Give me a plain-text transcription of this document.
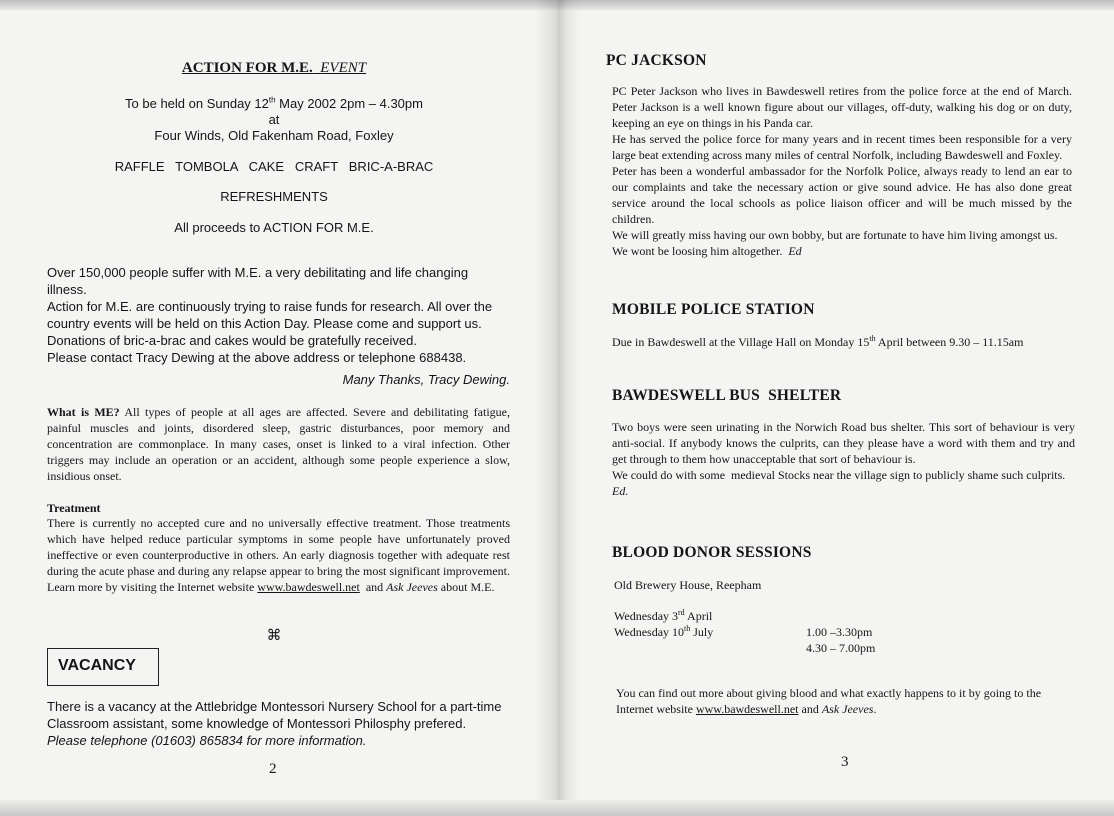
ACTION FOR M.E. EVENT
To be held on Sunday 12th May 2002 2pm – 4.30pm
at
Four Winds, Old Fakenham Road, Foxley
RAFFLE   TOMBOLA   CAKE   CRAFT   BRIC-A-BRAC
REFRESHMENTS
All proceeds to ACTION FOR M.E.

Over 150,000 people suffer with M.E. a very debilitating and life changing illness.

Action for M.E. are continuously trying to raise funds for research. All over the country events will be held on this Action Day. Please come and support us. Donations of bric-a-brac and cakes would be gratefully received.

Please contact Tracy Dewing at the above address or telephone 688438.

Many Thanks, Tracy Dewing.
What is ME? All types of people at all ages are affected. Severe and debilitating fatigue, painful muscles and joints, disordered sleep, gastric disturbances, poor memory and concentration are commonplace. In many cases, onset is linked to a viral infection. Other triggers may include an operation or an accident, although some people experience a slow, insidious onset.
Treatment
There is currently no accepted cure and no universally effective treatment. Those treatments which have helped reduce particular symptoms in some people have unfortunately proved ineffective or even counterproductive in others. An early diagnosis together with adequate rest during the acute phase and during any relapse appear to bring the most significant improvement. Learn more by visiting the Internet website www.bawdeswell.net  and Ask Jeeves about M.E.
⌘
VACANCY

There is a vacancy at the Attlebridge Montessori Nursery School for a part-time Classroom assistant, some knowledge of Montessori Philosphy prefered.

Please telephone (01603) 865834 for more information.

2
PC JACKSON

PC Peter Jackson who lives in Bawdeswell retires from the police force at the end of March. Peter Jackson is a well known figure about our villages, off-duty, walking his dog or on duty, keeping an eye on things in his Panda car.

He has served the police force for many years and in recent times been responsible for a very large beat extending across many miles of central Norfolk, including Bawdeswell and Foxley.

Peter has been a wonderful ambassador for the Norfolk Police, always ready to lend an ear to our complaints and take the necessary action or give sound advice. He has also done great service around the local schools as police liaison officer and will be much missed by the children.

We will greatly miss having our own bobby, but are fortunate to have him living amongst us.  We wont be loosing him altogether.  Ed

MOBILE POLICE STATION
Due in Bawdeswell at the Village Hall on Monday 15th April between 9.30 – 11.15am
BAWDESWELL BUS  SHELTER

Two boys were seen urinating in the Norwich Road bus shelter. This sort of behaviour is very anti-social. If anybody knows the culprits, can they please have a word with them and try and get through to them how unacceptable that sort of behaviour is.

We could do with some  medieval Stocks near the village sign to publicly shame such culprits.  Ed.

BLOOD DONOR SESSIONS
Old Brewery House, Reepham
Wednesday 3rd April
Wednesday 10th July	1.00 –3.30pm
4.30 – 7.00pm
You can find out more about giving blood and what exactly happens to it by going to the Internet website www.bawdeswell.net and Ask Jeeves.
3
